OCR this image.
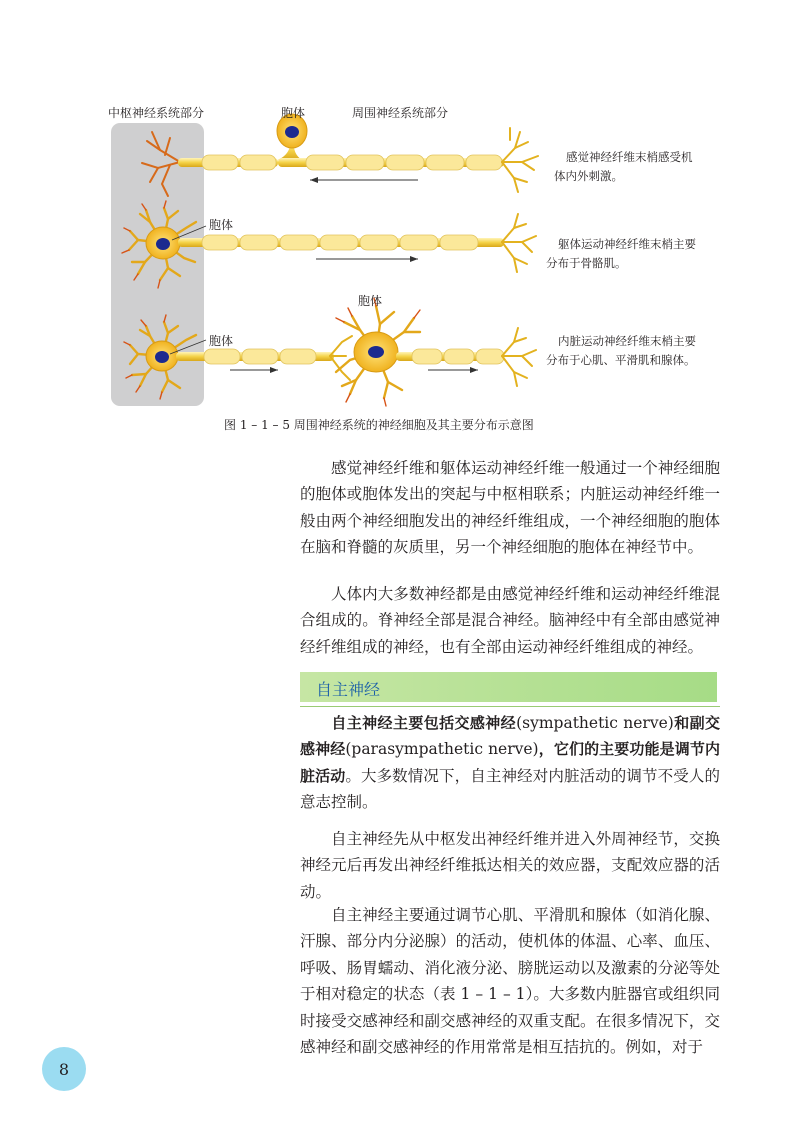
中枢神经系统部分	胞体	周围神经系统部分
胞体
胞体
胞体
感觉神经纤维末梢感受机体内外刺激。
躯体运动神经纤维末梢主要分布于骨骼肌。
内脏运动神经纤维末梢主要分布于心肌、平滑肌和腺体。
图 1 – 1 – 5 周围神经系统的神经细胞及其主要分布示意图

感觉神经纤维和躯体运动神经纤维一般通过一个神经细胞的胞体或胞体发出的突起与中枢相联系；内脏运动神经纤维一般由两个神经细胞发出的神经纤维组成，一个神经细胞的胞体在脑和脊髓的灰质里，另一个神经细胞的胞体在神经节中。

人体内大多数神经都是由感觉神经纤维和运动神经纤维混合组成的。脊神经全部是混合神经。脑神经中有全部由感觉神经纤维组成的神经，也有全部由运动神经纤维组成的神经。

自主神经

自主神经主要包括交感神经(sympathetic nerve)和副交感神经(parasympathetic nerve)，它们的主要功能是调节内脏活动。大多数情况下，自主神经对内脏活动的调节不受人的意志控制。

自主神经先从中枢发出神经纤维并进入外周神经节，交换神经元后再发出神经纤维抵达相关的效应器，支配效应器的活动。

自主神经主要通过调节心肌、平滑肌和腺体（如消化腺、汗腺、部分内分泌腺）的活动，使机体的体温、心率、血压、呼吸、肠胃蠕动、消化液分泌、膀胱运动以及激素的分泌等处于相对稳定的状态（表 1 – 1 – 1）。大多数内脏器官或组织同时接受交感神经和副交感神经的双重支配。在很多情况下，交感神经和副交感神经的作用常常是相互拮抗的。例如，对于

8
